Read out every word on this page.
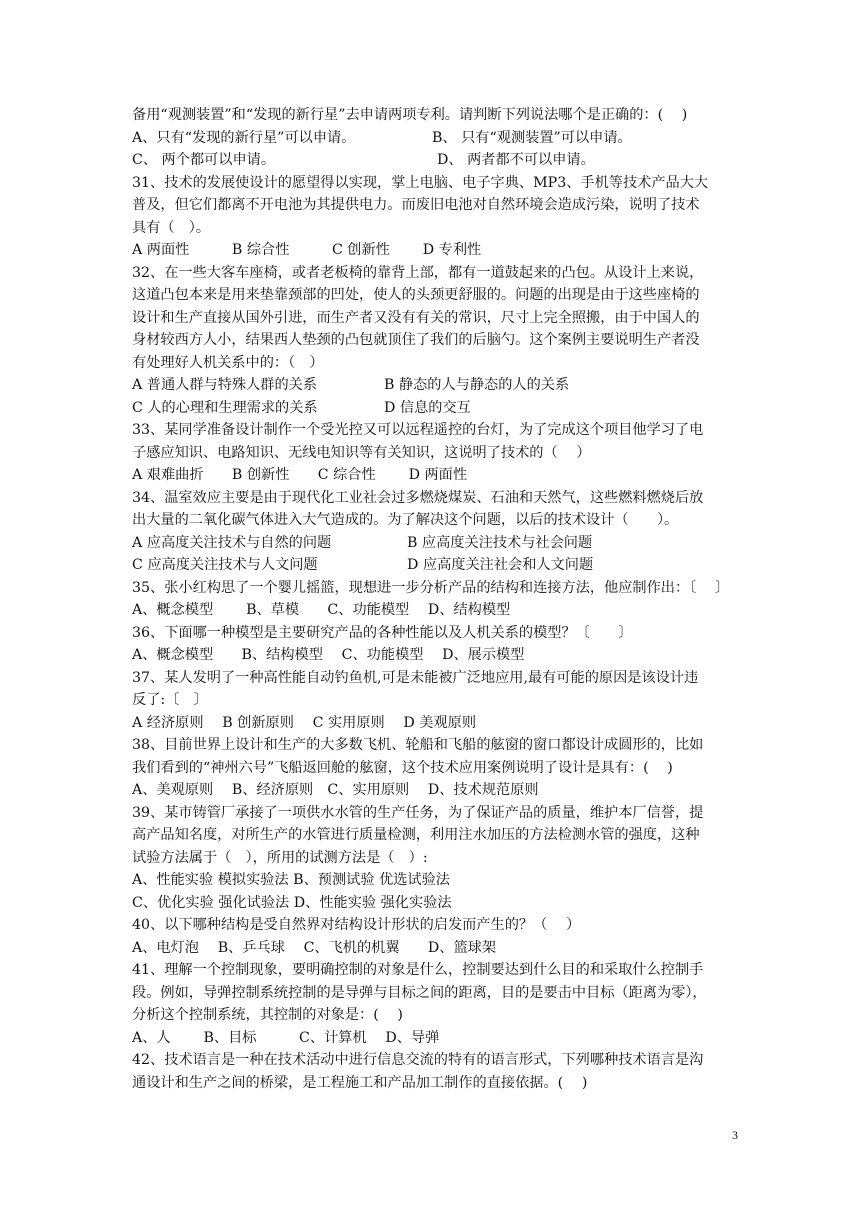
备用“观测装置”和“发现的新行星”去申请两项专利。请判断下列说法哪个是正确的：(　 )
A、只有“发现的新行星”可以申请。	B、 只有“观测装置”可以申请。
C、 两个都可以申请。	D、 两者都不可以申请。
31、技术的发展使设计的愿望得以实现，掌上电脑、电子字典、MP3、手机等技术产品大大
普及，但它们都离不开电池为其提供电力。而废旧电池对自然环境会造成污染，说明了技术
具有（　）。
A 两面性　　　B 综合性　　　C 创新性　　 D 专利性
32、在一些大客车座椅，或者老板椅的靠背上部，都有一道鼓起来的凸包。从设计上来说，
这道凸包本来是用来垫靠颈部的凹处，使人的头颈更舒服的。问题的出现是由于这些座椅的
设计和生产直接从国外引进，而生产者又没有有关的常识，尺寸上完全照搬，由于中国人的
身材较西方人小，结果西人垫颈的凸包就顶住了我们的后脑勺。这个案例主要说明生产者没
有处理好人机关系中的：（　）
A 普通人群与特殊人群的关系	B 静态的人与静态的人的关系
C 人的心理和生理需求的关系	D 信息的交互
33、某同学准备设计制作一个受光控又可以远程遥控的台灯，为了完成这个项目他学习了电
子感应知识、电路知识、无线电知识等有关知识，这说明了技术的（　 ）
A 艰难曲折　　B 创新性　　C 综合性　　 D 两面性
34、温室效应主要是由于现代化工业社会过多燃烧煤炭、石油和天然气，这些燃料燃烧后放
出大量的二氧化碳气体进入大气造成的。为了解决这个问题，以后的技术设计（　　）。
A 应高度关注技术与自然的问题	B 应高度关注技术与社会问题
C 应高度关注技术与人文问题	D 应高度关注社会和人文问题
35、张小红构思了一个婴儿摇篮，现想进一步分析产品的结构和连接方法，他应制作出：〔　 〕
A、概念模型　　 B、草模　　C、功能模型　 D、结构模型
36、下面哪一种模型是主要研究产品的各种性能以及人机关系的模型？〔　　〕
A、概念模型　　B、结构模型　 C、功能模型　 D、展示模型
37、某人发明了一种高性能自动钓鱼机,可是未能被广泛地应用,最有可能的原因是该设计违
反了:〔　〕
A 经济原则　 B 创新原则　 C 实用原则　 D 美观原则
38、目前世界上设计和生产的大多数飞机、轮船和飞船的舷窗的窗口都设计成圆形的，比如
我们看到的“神州六号”飞船返回舱的舷窗，这个技术应用案例说明了设计是具有：(　 )
A、美观原则　 B、经济原则　C、实用原则　 D、技术规范原则
39、某市铸管厂承接了一项供水水管的生产任务，为了保证产品的质量，维护本厂信誉，提
高产品知名度，对所生产的水管进行质量检测，利用注水加压的方法检测水管的强度，这种
试验方法属于（　），所用的试测方法是（　）:
A、性能实验 模拟实验法 B、预测试验 优选试验法
C、优化实验 强化试验法 D、性能实验 强化实验法
40、以下哪种结构是受自然界对结构设计形状的启发而产生的？（　 ）
A、电灯泡　 B、乒乓球　 C、飞机的机翼　　D、篮球架
41、理解一个控制现象，要明确控制的对象是什么，控制要达到什么目的和采取什么控制手
段。例如，导弹控制系统控制的是导弹与目标之间的距离，目的是要击中目标（距离为零），
分析这个控制系统，其控制的对象是：(　 )
A、人　　 B、目标　　　C、计算机　 D、导弹
42、技术语言是一种在技术活动中进行信息交流的特有的语言形式，下列哪种技术语言是沟
通设计和生产之间的桥梁，是工程施工和产品加工制作的直接依据。(　 )
3
